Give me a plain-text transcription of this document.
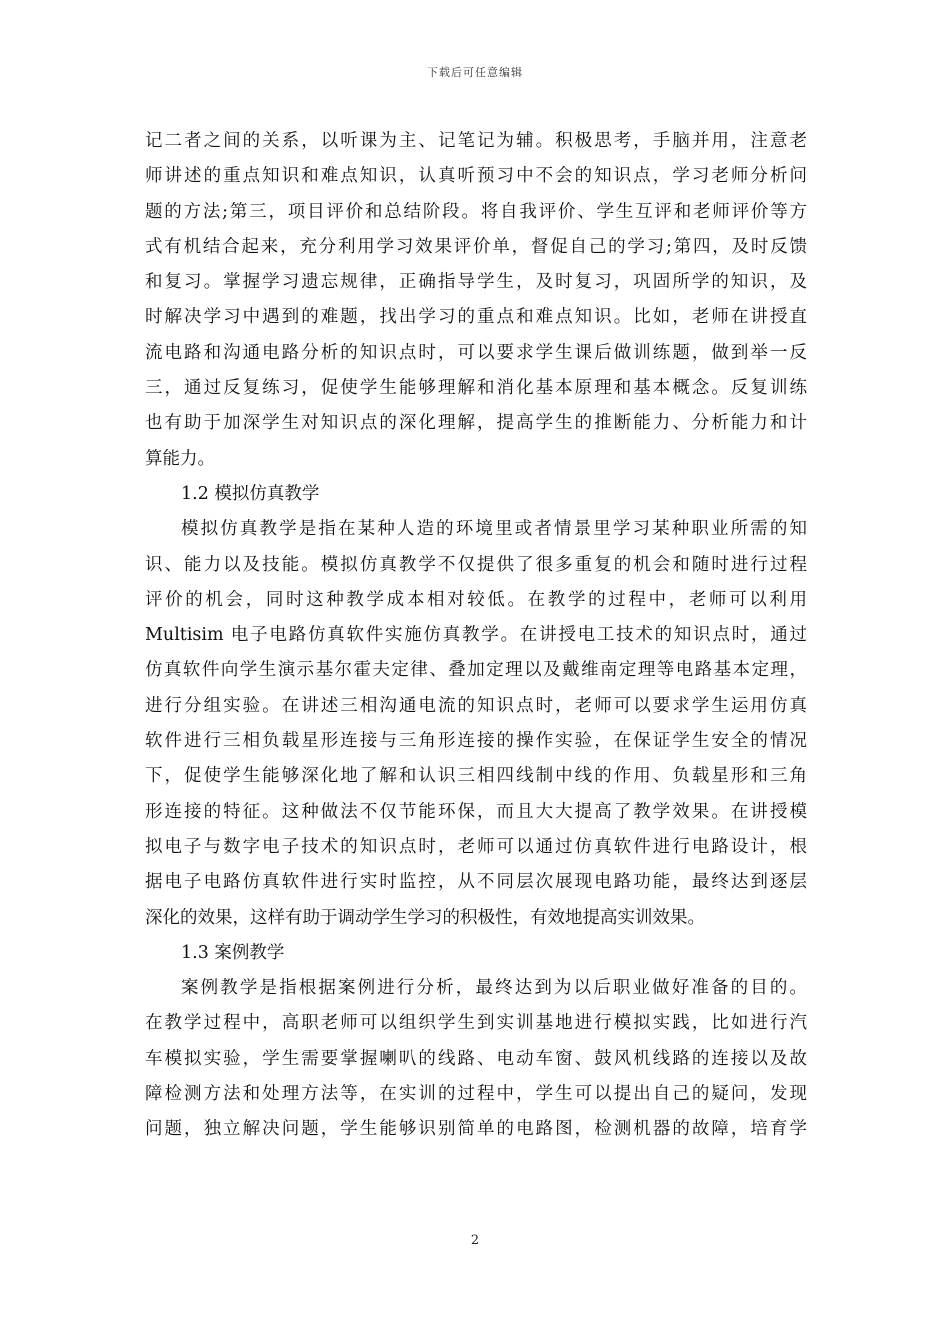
下载后可任意编辑
记二者之间的关系，以听课为主、记笔记为辅。积极思考，手脑并用，注意老
师讲述的重点知识和难点知识，认真听预习中不会的知识点，学习老师分析问
题的方法;第三，项目评价和总结阶段。将自我评价、学生互评和老师评价等方
式有机结合起来，充分利用学习效果评价单，督促自己的学习;第四，及时反馈
和复习。掌握学习遗忘规律，正确指导学生，及时复习，巩固所学的知识，及
时解决学习中遇到的难题，找出学习的重点和难点知识。比如，老师在讲授直
流电路和沟通电路分析的知识点时，可以要求学生课后做训练题，做到举一反
三，通过反复练习，促使学生能够理解和消化基本原理和基本概念。反复训练
也有助于加深学生对知识点的深化理解，提高学生的推断能力、分析能力和计
算能力。
1.2 模拟仿真教学
模拟仿真教学是指在某种人造的环境里或者情景里学习某种职业所需的知
识、能力以及技能。模拟仿真教学不仅提供了很多重复的机会和随时进行过程
评价的机会，同时这种教学成本相对较低。在教学的过程中，老师可以利用
Multisim 电子电路仿真软件实施仿真教学。在讲授电工技术的知识点时，通过
仿真软件向学生演示基尔霍夫定律、叠加定理以及戴维南定理等电路基本定理，
进行分组实验。在讲述三相沟通电流的知识点时，老师可以要求学生运用仿真
软件进行三相负载星形连接与三角形连接的操作实验，在保证学生安全的情况
下，促使学生能够深化地了解和认识三相四线制中线的作用、负载星形和三角
形连接的特征。这种做法不仅节能环保，而且大大提高了教学效果。在讲授模
拟电子与数字电子技术的知识点时，老师可以通过仿真软件进行电路设计，根
据电子电路仿真软件进行实时监控，从不同层次展现电路功能，最终达到逐层
深化的效果，这样有助于调动学生学习的积极性，有效地提高实训效果。
1.3 案例教学
案例教学是指根据案例进行分析，最终达到为以后职业做好准备的目的。
在教学过程中，高职老师可以组织学生到实训基地进行模拟实践，比如进行汽
车模拟实验，学生需要掌握喇叭的线路、电动车窗、鼓风机线路的连接以及故
障检测方法和处理方法等，在实训的过程中，学生可以提出自己的疑问，发现
问题，独立解决问题，学生能够识别简单的电路图，检测机器的故障，培育学
2
